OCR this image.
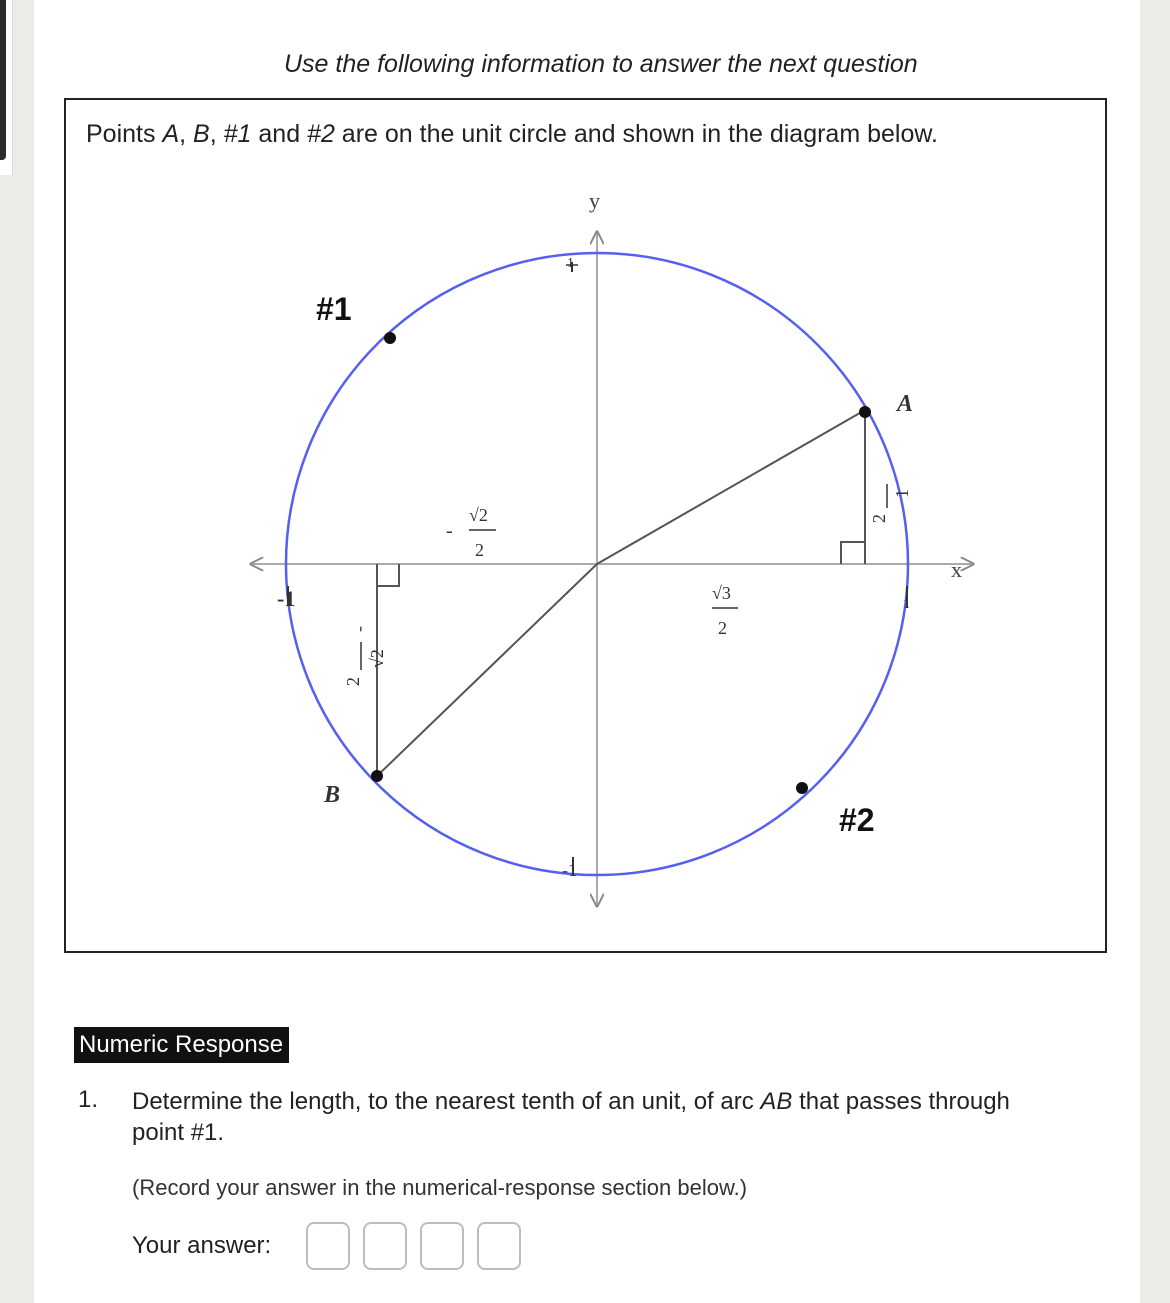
Use the following information to answer the next question
Points A, B, #1 and #2 are on the unit circle and shown in the diagram below.
y
x
1
-1
-1	1
#1
#2
A
B
-
√2
2
√3
2
2
1
2
√2
-
Numeric Response
1. Determine the length, to the nearest tenth of an unit, of arc AB that passes through point #1.
(Record your answer in the numerical-response section below.)
Your answer:
